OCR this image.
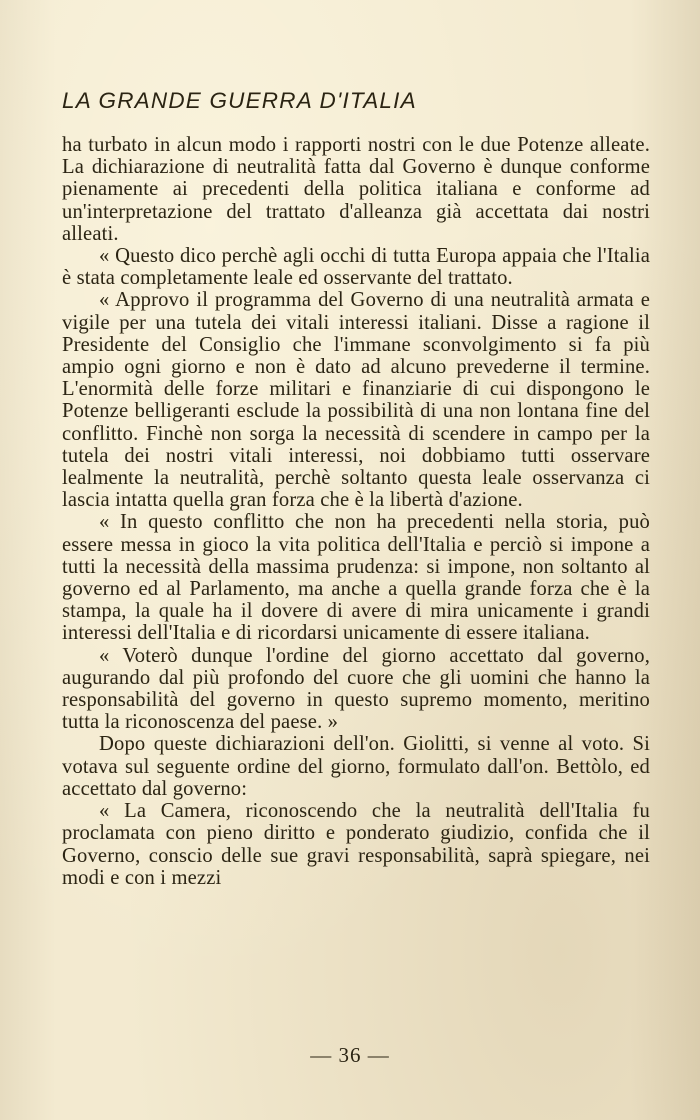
LA GRANDE GUERRA D'ITALIA

ha turbato in alcun modo i rapporti nostri con le due Potenze alleate. La dichiarazione di neutralità fatta dal Governo è dunque conforme pienamente ai precedenti della politica italiana e conforme ad un'interpretazione del trattato d'alleanza già accettata dai nostri alleati.

« Questo dico perchè agli occhi di tutta Europa appaia che l'Italia è stata completamente leale ed osservante del trattato.

« Approvo il programma del Governo di una neutralità armata e vigile per una tutela dei vitali interessi italiani. Disse a ragione il Presidente del Consiglio che l'immane sconvolgimento si fa più ampio ogni giorno e non è dato ad alcuno prevederne il termine. L'enormità delle forze militari e finanziarie di cui dispongono le Potenze belligeranti esclude la possibilità di una non lontana fine del conflitto. Finchè non sorga la necessità di scendere in campo per la tutela dei nostri vitali interessi, noi dobbiamo tutti osservare lealmente la neutralità, perchè soltanto questa leale osservanza ci lascia intatta quella gran forza che è la libertà d'azione.

« In questo conflitto che non ha precedenti nella storia, può essere messa in gioco la vita politica dell'Italia e perciò si impone a tutti la necessità della massima prudenza: si impone, non soltanto al governo ed al Parlamento, ma anche a quella grande forza che è la stampa, la quale ha il dovere di avere di mira unicamente i grandi interessi dell'Italia e di ricordarsi unicamente di essere italiana.

« Voterò dunque l'ordine del giorno accettato dal governo, augurando dal più profondo del cuore che gli uomini che hanno la responsabilità del governo in questo supremo momento, meritino tutta la riconoscenza del paese. »

Dopo queste dichiarazioni dell'on. Giolitti, si venne al voto. Si votava sul seguente ordine del giorno, formulato dall'on. Bettòlo, ed accettato dal governo:

« La Camera, riconoscendo che la neutralità dell'Italia fu proclamata con pieno diritto e ponderato giudizio, confida che il Governo, conscio delle sue gravi responsabilità, saprà spiegare, nei modi e con i mezzi

— 36 —
